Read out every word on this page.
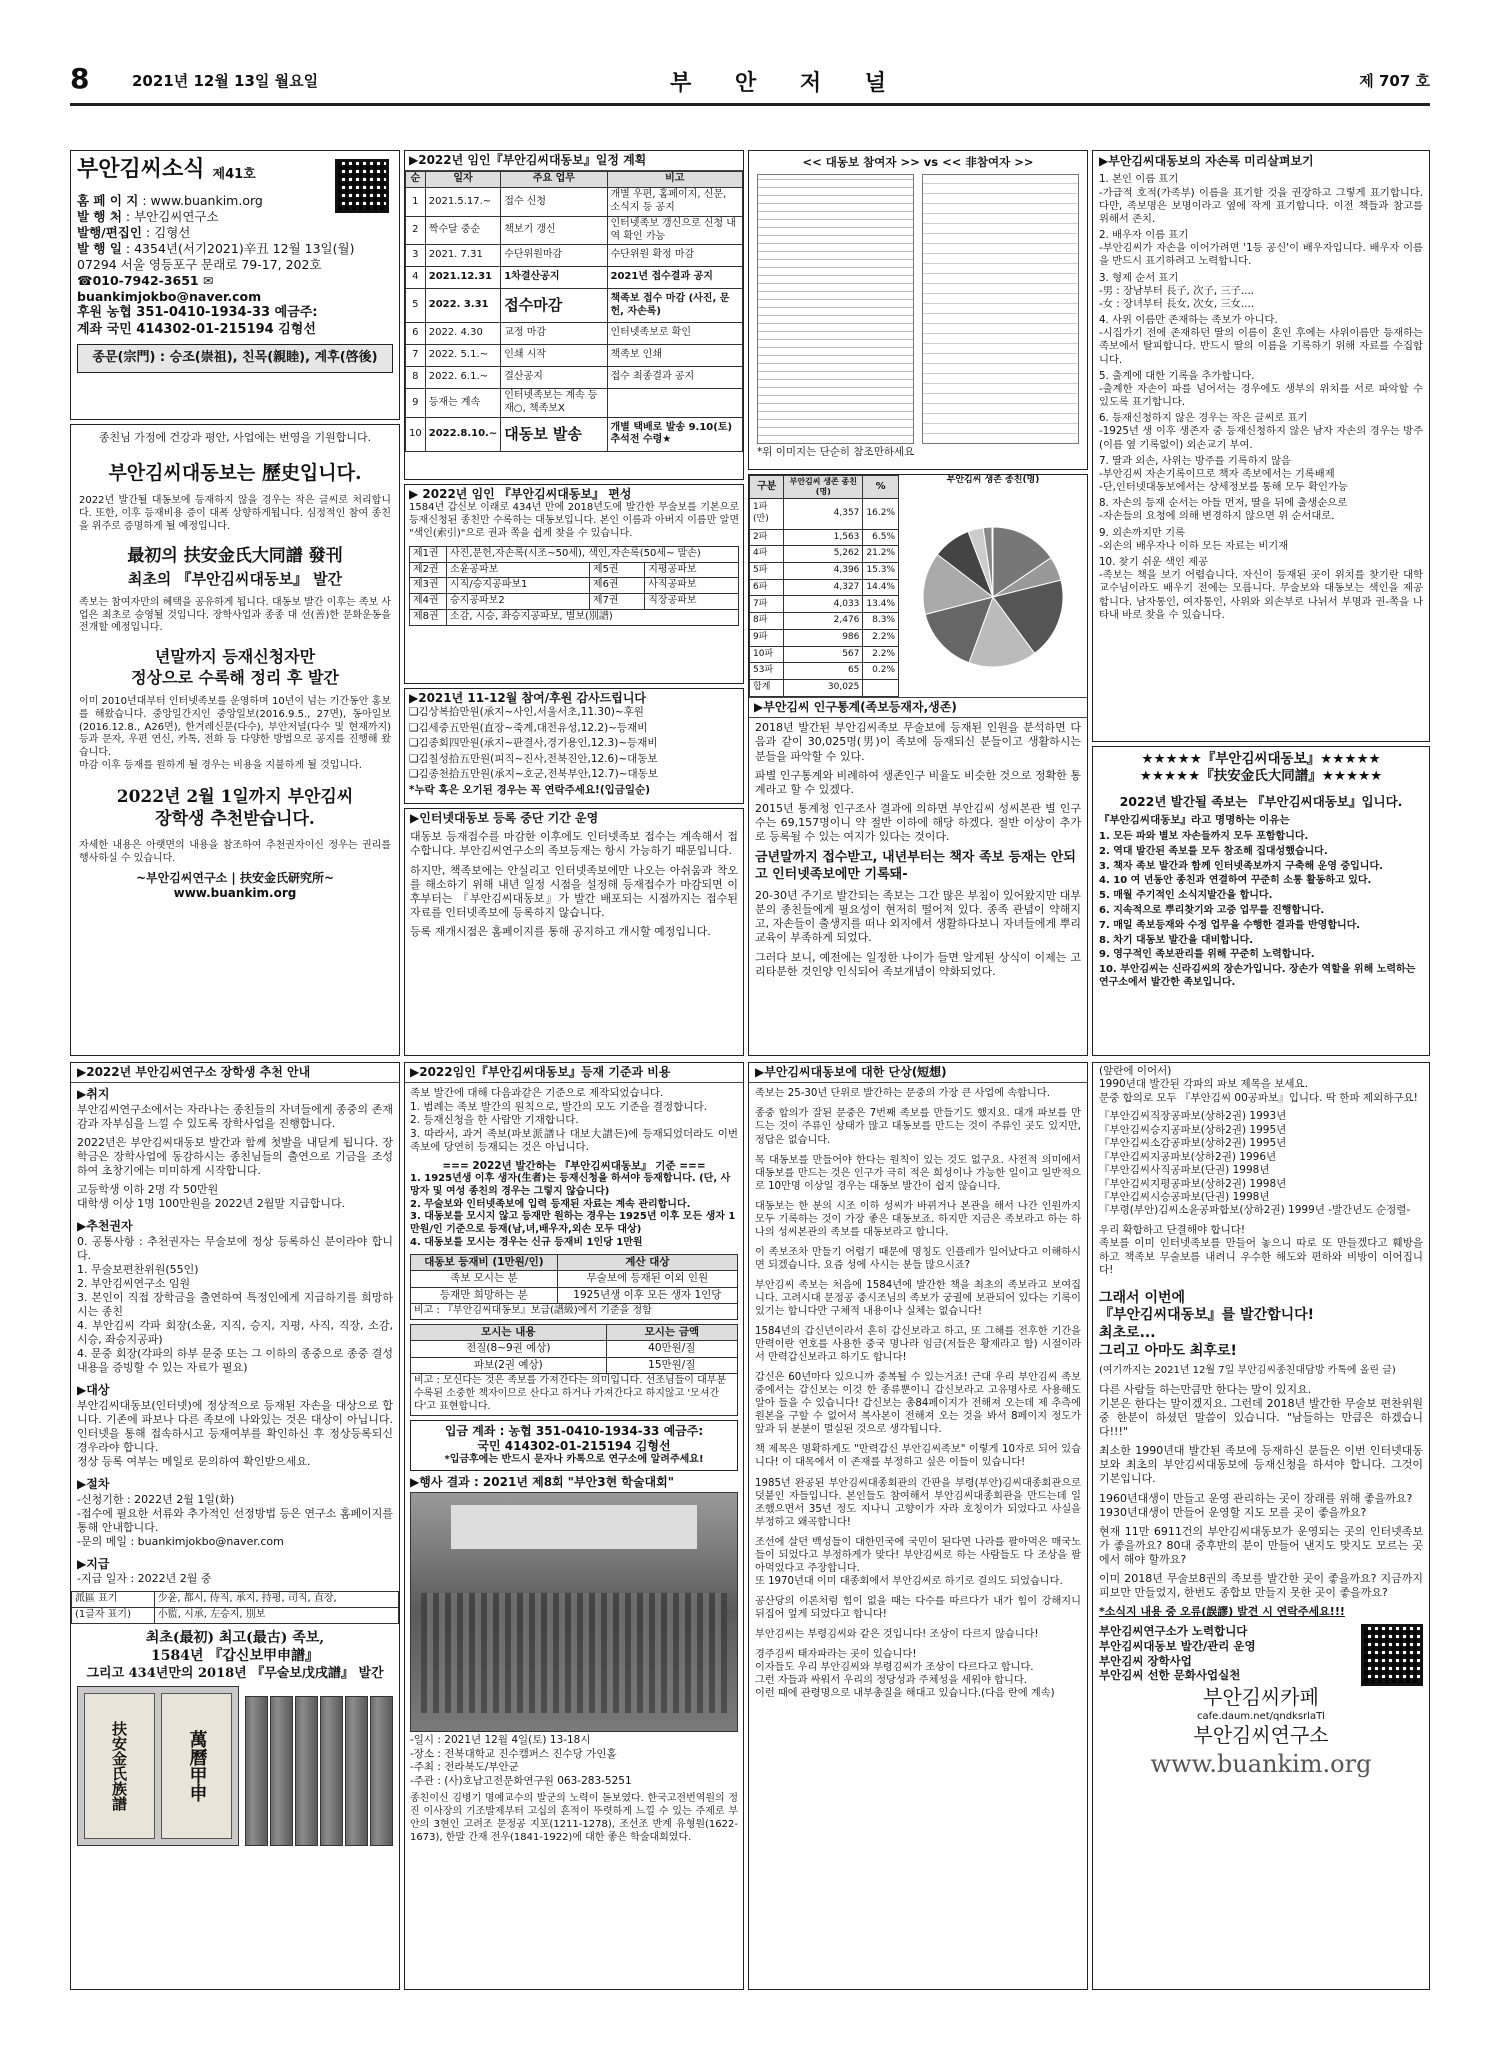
8	2021년 12월 13일 월요일	부 안 저 널	제 707 호
부안김씨소식 제41호
홈 페 이 지 : www.buankim.org
발 행 처 : 부안김씨연구소
발행/편집인 : 김형선
발 행 일 : 4354년(서기2021)辛丑 12월 13일(월)
07294 서울 영등포구 문래로 79-17, 202호
☎010-7942-3651 ✉buankimjokbo@naver.com
후원 농협 351-0410-1934-33 예금주:
계좌 국민 414302-01-215194 김형선
종문(宗門) : 승조(崇祖), 친목(親睦), 계후(啓後)

종친님 가정에 건강과 평안, 사업에는 번영을 기원합니다.

부안김씨대동보는 歷史입니다.

2022년 발간될 대동보에 등재하지 않을 경우는 작은 글씨로 처리합니다. 또한, 이후 등재비용 증이 대폭 상향하게됩니다. 심정적인 참여 종친을 위주로 증명하게 될 예정입니다.

最初의 扶安金氏大同譜 發刊

최초의 『부안김씨대동보』 발간

족보는 참여자만의 혜택을 공유하게 됩니다. 대동보 발간 이후는 족보 사업은 최초로 승영될 것입니다. 장학사업과 종종 대 선(善)한 문화운동을 전개할 예정입니다.

년말까지 등재신청자만
정상으로 수록해 정리 후 발간

이미 2010년대부터 인터넷족보를 운영하며 10년이 넘는 기간동안 홍보를 해왔습니다. 중앙일간지인 중앙일보(2016.9.5., 27면), 동아일보(2016.12.8., A26면), 한겨레신문(다수), 부안저널(다수 및 현재까지) 등과 문자, 우편 연신, 카톡, 전화 등 다양한 방법으로 공지를 진행해 왔습니다.
마감 이후 등재를 원하게 될 경우는 비용을 지불하게 될 것입니다.

2022년 2월 1일까지 부안김씨
장학생 추천받습니다.

자세한 내용은 아랫면의 내용을 참조하여 추천권자이신 정우는 권리를 행사하실 수 있습니다.

~부안김씨연구소 | 扶安金氏研究所~

www.buankim.org

▶2022년 임인『부안김씨대동보』일정 계획
순	일자	주요 업무	비고
1	2021.5.17.~	접수 신청	개별 우편, 홈페이지, 신문, 소식지 등 공지
2	짝수달 중순	책보기 갱신	인터넷족보 갱신으로 신청 내역 확인 가능
3	2021. 7.31	수단위원마감	수단위원 확정 마감
4	2021.12.31	1차결산공지	2021년 접수결과 공지
5	2022. 3.31	접수마감	책족보 접수 마감 (사진, 문헌, 자손록)
6	2022. 4.30	교정 마감	인터넷족보로 확인
7	2022. 5.1.~	인쇄 시작	책족보 인쇄
8	2022. 6.1.~	결산공지	접수 최종결과 공지
9	등재는 계속	인터넷족보는 계속 등재○, 책족보X	
10	2022.8.10.~	대동보 발송	개별 택배로 발송 9.10(토)추석전 수령★
▶ 2022년 임인 『부안김씨대동보』 편성

1584년 갑신보 이래로 434년 만에 2018년도에 발간한 무술보를 기본으로 등재신청된 종친만 수록하는 대동보입니다. 본인 이름과 아버지 이름만 알면 "색인(索引)"으로 권과 쪽을 쉽게 찾을 수 있습니다.

제1권	사진,문헌,자손록(시조~50세), 색인,자손록(50세~ 말손)		
제2권	소윤공파보	제5권	지평공파보
제3권	시직/승지공파보1	제6권	사직공파보
제4권	승지공파보2	제7권	직장공파보
제8권	소감, 시승, 좌승지공파보, 별보(別譜)		
▶2021년 11-12월 참여/후원 감사드립니다
❑김상복拾만원(承지~사인,서울서초,11.30)~후원
❑김세중五만원(直장~죽계,대전유성,12.2)~등재비
❑김종회四만원(承지~판결사,경기용인,12.3)~등재비
❑김칠성拾五만원(피직~진사,전북진안,12.6)~대동보
❑김종천拾五만원(承지~호군,전북부안,12.7)~대동보
*누락 혹은 오기된 경우는 꼭 연락주세요!(입금일순)
▶인터넷대동보 등록 중단 기간 운영

대동보 등재접수를 마감한 이후에도 인터넷족보 접수는 계속해서 접수합니다. 부안김씨연구소의 족보등재는 항시 가능하기 때문입니다.

하지만, 책족보에는 안실리고 인터넷족보에만 나오는 아쉬움과 착오를 해소하기 위해 내년 일정 시점을 설정해 등재접수가 마감되면 이후부터는 『부안김씨대동보』가 발간 배포되는 시점까지는 접수된 자료를 인터넷족보에 등록하지 않습니다.

등록 재개시점은 홈페이지를 통해 공지하고 개시할 예정입니다.

<< 대동보 참여자 >> vs << 非참여자 >>
*위 이미지는 단순히 참조만하세요
구분	부안김씨 생존 종친(명)	%
1파(만)	4,357	16.2%
2파	1,563	6.5%
4파	5,262	21.2%
5파	4,396	15.3%
6파	4,327	14.4%
7파	4,033	13.4%
8파	2,476	8.3%
9파	986	2.2%
10파	567	2.2%
53파	65	0.2%
합계	30,025	
부안김씨 생존 종친(명)
▶부안김씨 인구통계(족보등재자,생존)

2018년 발간된 부안김씨족보 무술보에 등재된 인원을 분석하면 다음과 같이 30,025명(男)이 족보에 등재되신 분들이고 생활하시는 분들을 파악할 수 있다.

파별 인구통계와 비례하여 생존인구 비율도 비슷한 것으로 정확한 통계라고 할 수 있겠다.

2015년 통계청 인구조사 결과에 의하면 부안김씨 성씨본관 별 인구수는 69,157명이니 약 절반 이하에 해당 하겠다. 절반 이상이 추가로 등록될 수 있는 여지가 있다는 것이다.

금년말까지 접수받고, 내년부터는 책자 족보 등재는 안되고 인터넷족보에만 기록돼-

20-30년 주기로 발간되는 족보는 그간 많은 부침이 있어왔지만 대부분의 종친들에게 필요성이 현저히 떨어져 있다. 종족 관념이 약해지고, 자손들이 출생지를 떠나 외지에서 생활하다보니 자녀들에게 뿌리교육이 부족하게 되었다.

그러다 보니, 예전에는 일정한 나이가 들면 알게된 상식이 이제는 고리타분한 것인양 인식되어 족보개념이 약화되었다.

▶부안김씨대동보의 자손록 미리살펴보기

1. 본인 이름 표기
-가급적 호적(가족부) 이름을 표기할 것을 권장하고 그렇게 표기합니다. 다만, 족보명은 보명이라고 옆에 작게 표기합니다. 이전 책들과 참고를 위해서 존치.

2. 배우자 이름 표기
-부안김씨가 자손을 이어가려면 '1등 공신'이 배우자입니다. 배우자 이름을 반드시 표기하려고 노력합니다.

3. 형제 순서 표기
-男 : 장남부터 長子, 次子, 三子....
-女 : 장녀부터 長女, 次女, 三女....

4. 사위 이름만 존재하는 족보가 아니다.
-시집가기 전에 존재하던 딸의 이름이 혼인 후에는 사위이름만 등재하는 족보에서 탈피합니다. 반드시 딸의 이름을 기록하기 위해 자료를 수집합니다.

5. 출계에 대한 기록을 추가합니다.
-출계한 자손이 파를 넘어서는 경우에도 생부의 위치를 서로 파악할 수 있도록 표기합니다.

6. 등재신청하지 않은 경우는 작은 글씨로 표기
-1925년 생 이후 생존자 중 등재신청하지 않은 남자 자손의 경우는 방주(이름 옆 기록없이) 외손교기 부여.

7. 딸과 외손, 사위는 방주를 기록하지 않음
-부안김씨 자손기록이므로 책자 족보에서는 기록배제
-단,인터넷대동보에서는 상세정보를 통해 모두 확인가능

8. 자손의 등재 순서는 아들 먼저, 딸을 뒤에 출생순으로
-자손들의 요청에 의해 변경하지 않으면 위 순서대로.

9. 외손까지만 기록
-외손의 배우자나 이하 모든 자료는 비기재

10. 찾기 쉬운 색인 제공
-족보는 책을 보기 어렵습니다. 자신이 등재된 곳이 위치를 찾기란 대학 교수님이라도 배우기 전에는 모릅니다. 무술보와 대동보는 색인을 제공합니다. 남자통인, 여자통인, 사위와 외손부로 나뉘서 부명과 권-쪽을 나타내 바로 찾을 수 있습니다.

★★★★★『부안김씨대동보』★★★★★
★★★★★『扶安金氏大同譜』★★★★★
2022년 발간될 족보는 『부안김씨대동보』입니다.
『부안김씨대동보』라고 명명하는 이유는
1. 모든 파와 별보 자손들까지 모두 포함합니다.
2. 역대 발간된 족보를 모두 참조해 집대성했습니다.
3. 책자 족보 발간과 함께 인터넷족보까지 구축해 운영 중입니다.
4. 10 여 년동안 종친과 연결하여 꾸준히 소통 활동하고 있다.
5. 매월 주기적인 소식지발간을 합니다.
6. 지속적으로 뿌리찾기와 고증 업무를 진행합니다.
7. 매일 족보등재와 수정 업무을 수행한 결과를 반영합니다.
8. 차기 대동보 발간을 대비합니다.
9. 영구적인 족보관리를 위해 꾸준히 노력합니다.
10. 부안김씨는 신라김씨의 장손가입니다. 장손가 역할을 위해 노력하는 연구소에서 발간한 족보입니다.
▶2022년 부안김씨연구소 장학생 추천 안내
▶취지

부안김씨연구소에서는 자라나는 종친들의 자녀들에게 종중의 존재감과 자부심을 느낄 수 있도록 장학사업을 진행합니다.

2022년은 부안김씨대동보 발간과 함께 첫발을 내딛게 됩니다. 장학금은 장학사업에 동감하시는 종친님들의 출연으로 기금을 조성하여 초창기에는 미미하게 시작합니다.

고등학생 이하 2명 각 50만원
대학생 이상 1명 100만원을 2022년 2월말 지급합니다.

▶추천권자

0. 공통사항 : 추천권자는 무술보에 정상 등록하신 분이라야 합니다.
1. 무술보편찬위원(55인)
2. 부안김씨연구소 임원
3. 본인이 직접 장학금을 출연하여 특정인에게 지급하기를 희망하시는 종친
4. 부안김씨 각파 회장(소윤, 지직, 승지, 지평, 사직, 직장, 소감, 시승, 좌승지공파)
4. 문중 회장(각파의 하부 문중 또는 그 이하의 종중으로 종중 결성 내용을 증빙할 수 있는 자료가 필요)

▶대상

부안김씨대동보(인터넷)에 정상적으로 등재된 자손을 대상으로 합니다. 기존에 파보나 다른 족보에 나와있는 것은 대상이 아닙니다. 인터넷을 통해 접속하시고 등재여부를 확인하신 후 정상등록되신 경우라야 합니다.
정상 등록 여부는 메일로 문의하여 확인받으세요.

▶절차

-신청기한 : 2022년 2월 1일(화)
-접수에 필요한 서류와 추가적인 선정방법 등은 연구소 홈페이지를 통해 안내합니다.
-문의 메일 : buankimjokbo@naver.com

▶지급

-지급 일자 : 2022년 2월 중

派區 표기	少윤, 都시, 侍직, 承지, 持평, 司직, 直장,
(1글자 표기)	小監, 시承, 左승지, 別보
최초(最初) 최고(最古) 족보,
1584년 『갑신보甲申譜』
그리고 434년만의 2018년 『무술보戊戌譜』 발간
扶安金氏族譜	萬曆甲申
▶2022임인『부안김씨대동보』등재 기준과 비용

족보 발간에 대해 다음과같은 기준으로 제작되었습니다.
1. 범례는 족보 발간의 원칙으로, 발간의 모도 기준을 결정합니다.
2. 등재신청을 한 사람만 기재합니다.
3. 따라서, 과거 족보(파보派譜나 대보大譜든)에 등재되었더라도 이번 족보에 당연히 등재되는 것은 아닙니다.

=== 2022년 발간하는 『부안김씨대동보』 기준 ===
1. 1925년생 이후 생자(生者)는 등재신청을 하셔야 등재합니다. (단, 사망자 및 여성 종친의 경우는 그렇지 않습니다)
2. 무술보와 인터넷족보에 입력 등재된 자료는 계속 관리합니다.
3. 대동보를 모시지 않고 등재만 원하는 경우는 1925년 이후 모든 생자 1만원/인 기준으로 등재(남,녀,배우자,외손 모두 대상)
4. 대동보를 모시는 경우는 신규 등재비 1인당 1만원
대동보 등재비 (1만원/인)	계산 대상
족보 모시는 분	무술보에 등재된 이외 인원
등재만 희망하는 분	1925년생 이후 모든 생자 1인당
비고 : 『부안김씨대동보』보급(譜級)에서 기준을 정함
모시는 내용	모시는 금액
전질(8~9권 예상)	40만원/질
파보(2권 예상)	15만원/질
비고 : 모신다는 것은 족보를 가져간다는 의미입니다. 선조님들이 대부분 수록된 소중한 책자이므로 산다고 하거나 가져간다고 하지않고 '모셔간다'고 표현합니다.
입금 계좌 : 농협 351-0410-1934-33 예금주:
국민 414302-01-215194 김형선
*입금후에는 반드시 문자나 카톡으로 연구소에 알려주세요!
▶행사 결과 : 2021년 제8회 "부안3현 학술대회"

-일시 : 2021년 12월 4일(토) 13-18시
-장소 : 전북대학교 진수캠퍼스 진수당 가인홀
-주최 : 전라북도/부안군
-주관 : (사)호남고전문화연구원 063-283-5251

종친이신 김병기 명예교수의 발군의 노력이 돋보였다. 한국고전번역원의 정진 이사장의 기조발제부터 고십의 흔적이 뚜렷하게 느낄 수 있는 주제로 부안의 3현인 고려조 문정공 지포(1211-1278), 조선조 반계 유형원(1622-1673), 한말 간재 전우(1841-1922)에 대한 좋은 학술대회였다.

▶부안김씨대동보에 대한 단상(短想)

족보는 25-30년 단위로 발간하는 문중의 가장 큰 사업에 속합니다.

종중 합의가 잘된 문중은 7번째 족보를 만들기도 했지요. 대개 파보를 만드는 것이 주류인 상태가 많고 대동보를 만드는 것이 주류인 곳도 있지만, 정답은 없습니다.

목 대동보를 만들어야 한다는 원칙이 있는 것도 없구요. 사전적 의미에서 대동보를 만드는 것은 인구가 극히 적은 희성이나 가능한 일이고 일반적으로 10만명 이상일 경우는 대동보 발간이 쉽지 않습니다.

대동보는 한 분의 시조 이하 성씨가 바뀌거나 본관을 해서 나간 인원까지 모두 기록하는 것이 가장 좋은 대동보죠. 하지만 지금은 족보라고 하는 하나의 성씨본관의 족보를 대동보라고 합니다.

이 족보조차 만들기 어렵기 때문에 명칭도 인플레가 일어났다고 이해하시면 되겠습니다. 요즘 성에 사시는 분들 많으시죠?

부안김씨 족보는 처음에 1584년에 발간한 책을 최초의 족보라고 보여집니다. 고려시대 문정공 중시조님의 족보가 궁궐에 보관되어 있다는 기록이 있기는 합니다만 구체적 내용이나 실체는 없습니다!

1584년의 갑신년이라서 흔히 갑신보라고 하고, 또 그해를 전후한 기간을 만력이란 연호를 사용한 중국 명나라 임금(저들은 황제라고 함) 시절이라서 만력갑신보라고 하기도 합니다!

갑신은 60년마다 있으니까 중복될 수 있는거죠! 근대 우리 부안김씨 족보 중에서는 갑신보는 이것 한 종류뿐이니 갑신보라고 고유명사로 사용해도 알아 들을 수 있습니다! 갑신보는 총84페이지가 전해져 오는데 제 추측에 원본을 구할 수 없어서 복사본이 전해져 오는 것을 봐서 8페이지 정도가 앞과 뒤 분분이 멀실된 것으로 생각됩니다.

책 제목은 명확하게도 "만력갑신 부안김씨족보" 이렇게 10자로 되어 있습니다! 이 대목에서 이 존재를 부정하고 싶은 이들이 있습니다!

1985년 완공된 부안김씨대종회관의 간판을 부령(부안)김씨대종회관으로 덧붙인 자들입니다. 본인들도 참여해서 부안김씨대종회관을 만드는데 일조했으면서 35년 정도 지나니 고향이가 자라 호칭이가 되었다고 사실을 부정하고 왜곡합니다!

조선에 살던 백성들이 대한민국에 국민이 된다면 나라를 팔아먹은 매국노들이 되었다고 부정하게가 맞다! 부안김씨로 하는 사람들도 다 조상을 팔아먹었다고 주장합니다.
또 1970년대 이미 대종회에서 부안김씨로 하기로 결의도 되었습니다.

공산당의 이론처럼 힘이 없을 때는 다수를 따르다가 내가 힘이 강해지니 뒤집어 엎게 되었다고 합니다!

부안김씨는 부령김씨와 같은 것입니다! 조상이 다르지 않습니다!

경주김씨 태자파라는 곳이 있습니다!
이자들도 우리 부안김씨와 부령김씨가 조상이 다르다고 합니다.
그런 자들과 싸워서 우리의 정당성과 주체성을 세워야 합니다.
이런 때에 관령명으로 내부총질을 해대고 있습니다.(다음 란에 계속)

(앞란에 이어서)
1990년대 발간된 각파의 파보 제목을 보세요.
문중 합의로 모두 『부안김씨 00공파보』입니다. 딱 한파 제외하구요!

『부안김씨직장공파보(상하2권) 1993년
『부안김씨승지공파보(상하2권) 1995년
『부안김씨소감공파보(상하2권) 1995년
『부안김씨지공파보(상하2권) 1996년
『부안김씨사직공파보(단권) 1998년
『부안김씨지평공파보(상하2권) 1998년
『부안김씨시승공파보(단권) 1998년
『부령(부안)김씨소윤공파합보(상하2권) 1999년 -발간년도 순정렬-

우리 확합하고 단결해야 합니다!
족보를 이미 인터넷족보를 만들어 놓으니 따로 또 만들겠다고 훼방을 하고 책족보 무술보를 내려니 우수한 해도와 편하와 비방이 이어집니다!

그래서 이번에
『부안김씨대동보』를 발간합니다!
최초로...
그리고 아마도 최후로!

(여기까지는 2021년 12월 7일 부안김씨종친대담방 카톡에 올린 글)

다른 사람들 하는만큼만 한다는 말이 있지요.
기본은 한다는 말이겠지요. 그런데 2018년 발간한 무술보 편찬위원 중 한분이 하셨던 말씀이 있습니다. "남들하는 만큼은 하겠습니다!!!"

최소한 1990년대 발간된 족보에 등재하신 분들은 이번 인터넷대동보와 최초의 부안김씨대동보에 등재신청을 하셔야 합니다. 그것이 기본입니다.

1960년대생이 만들고 운영 관리하는 곳이 장래를 위해 좋을까요?
1930년대생이 만들어 운영할 지도 모를 곳이 좋을까요?

현재 11만 6911건의 부안김씨대동보가 운영되는 곳의 인터넷족보가 좋을까요? 80대 중후반의 분이 만들어 낸지도 맞지도 모르는 곳에서 해야 할까요?

이미 2018년 무술보8권의 족보를 발간한 곳이 좋을까요? 지금까지 피보만 만들었지, 한번도 종합보 만들지 못한 곳이 좋을까요?

*소식지 내용 중 오류(誤謬) 발견 시 연락주세요!!!

부안김씨연구소가 노력합니다
부안김씨대동보 발간/관리 운영
부안김씨 장학사업
부안김씨 선한 문화사업실천
부안김씨카페
cafe.daum.net/qndksrlaTl
부안김씨연구소
www.buankim.org
